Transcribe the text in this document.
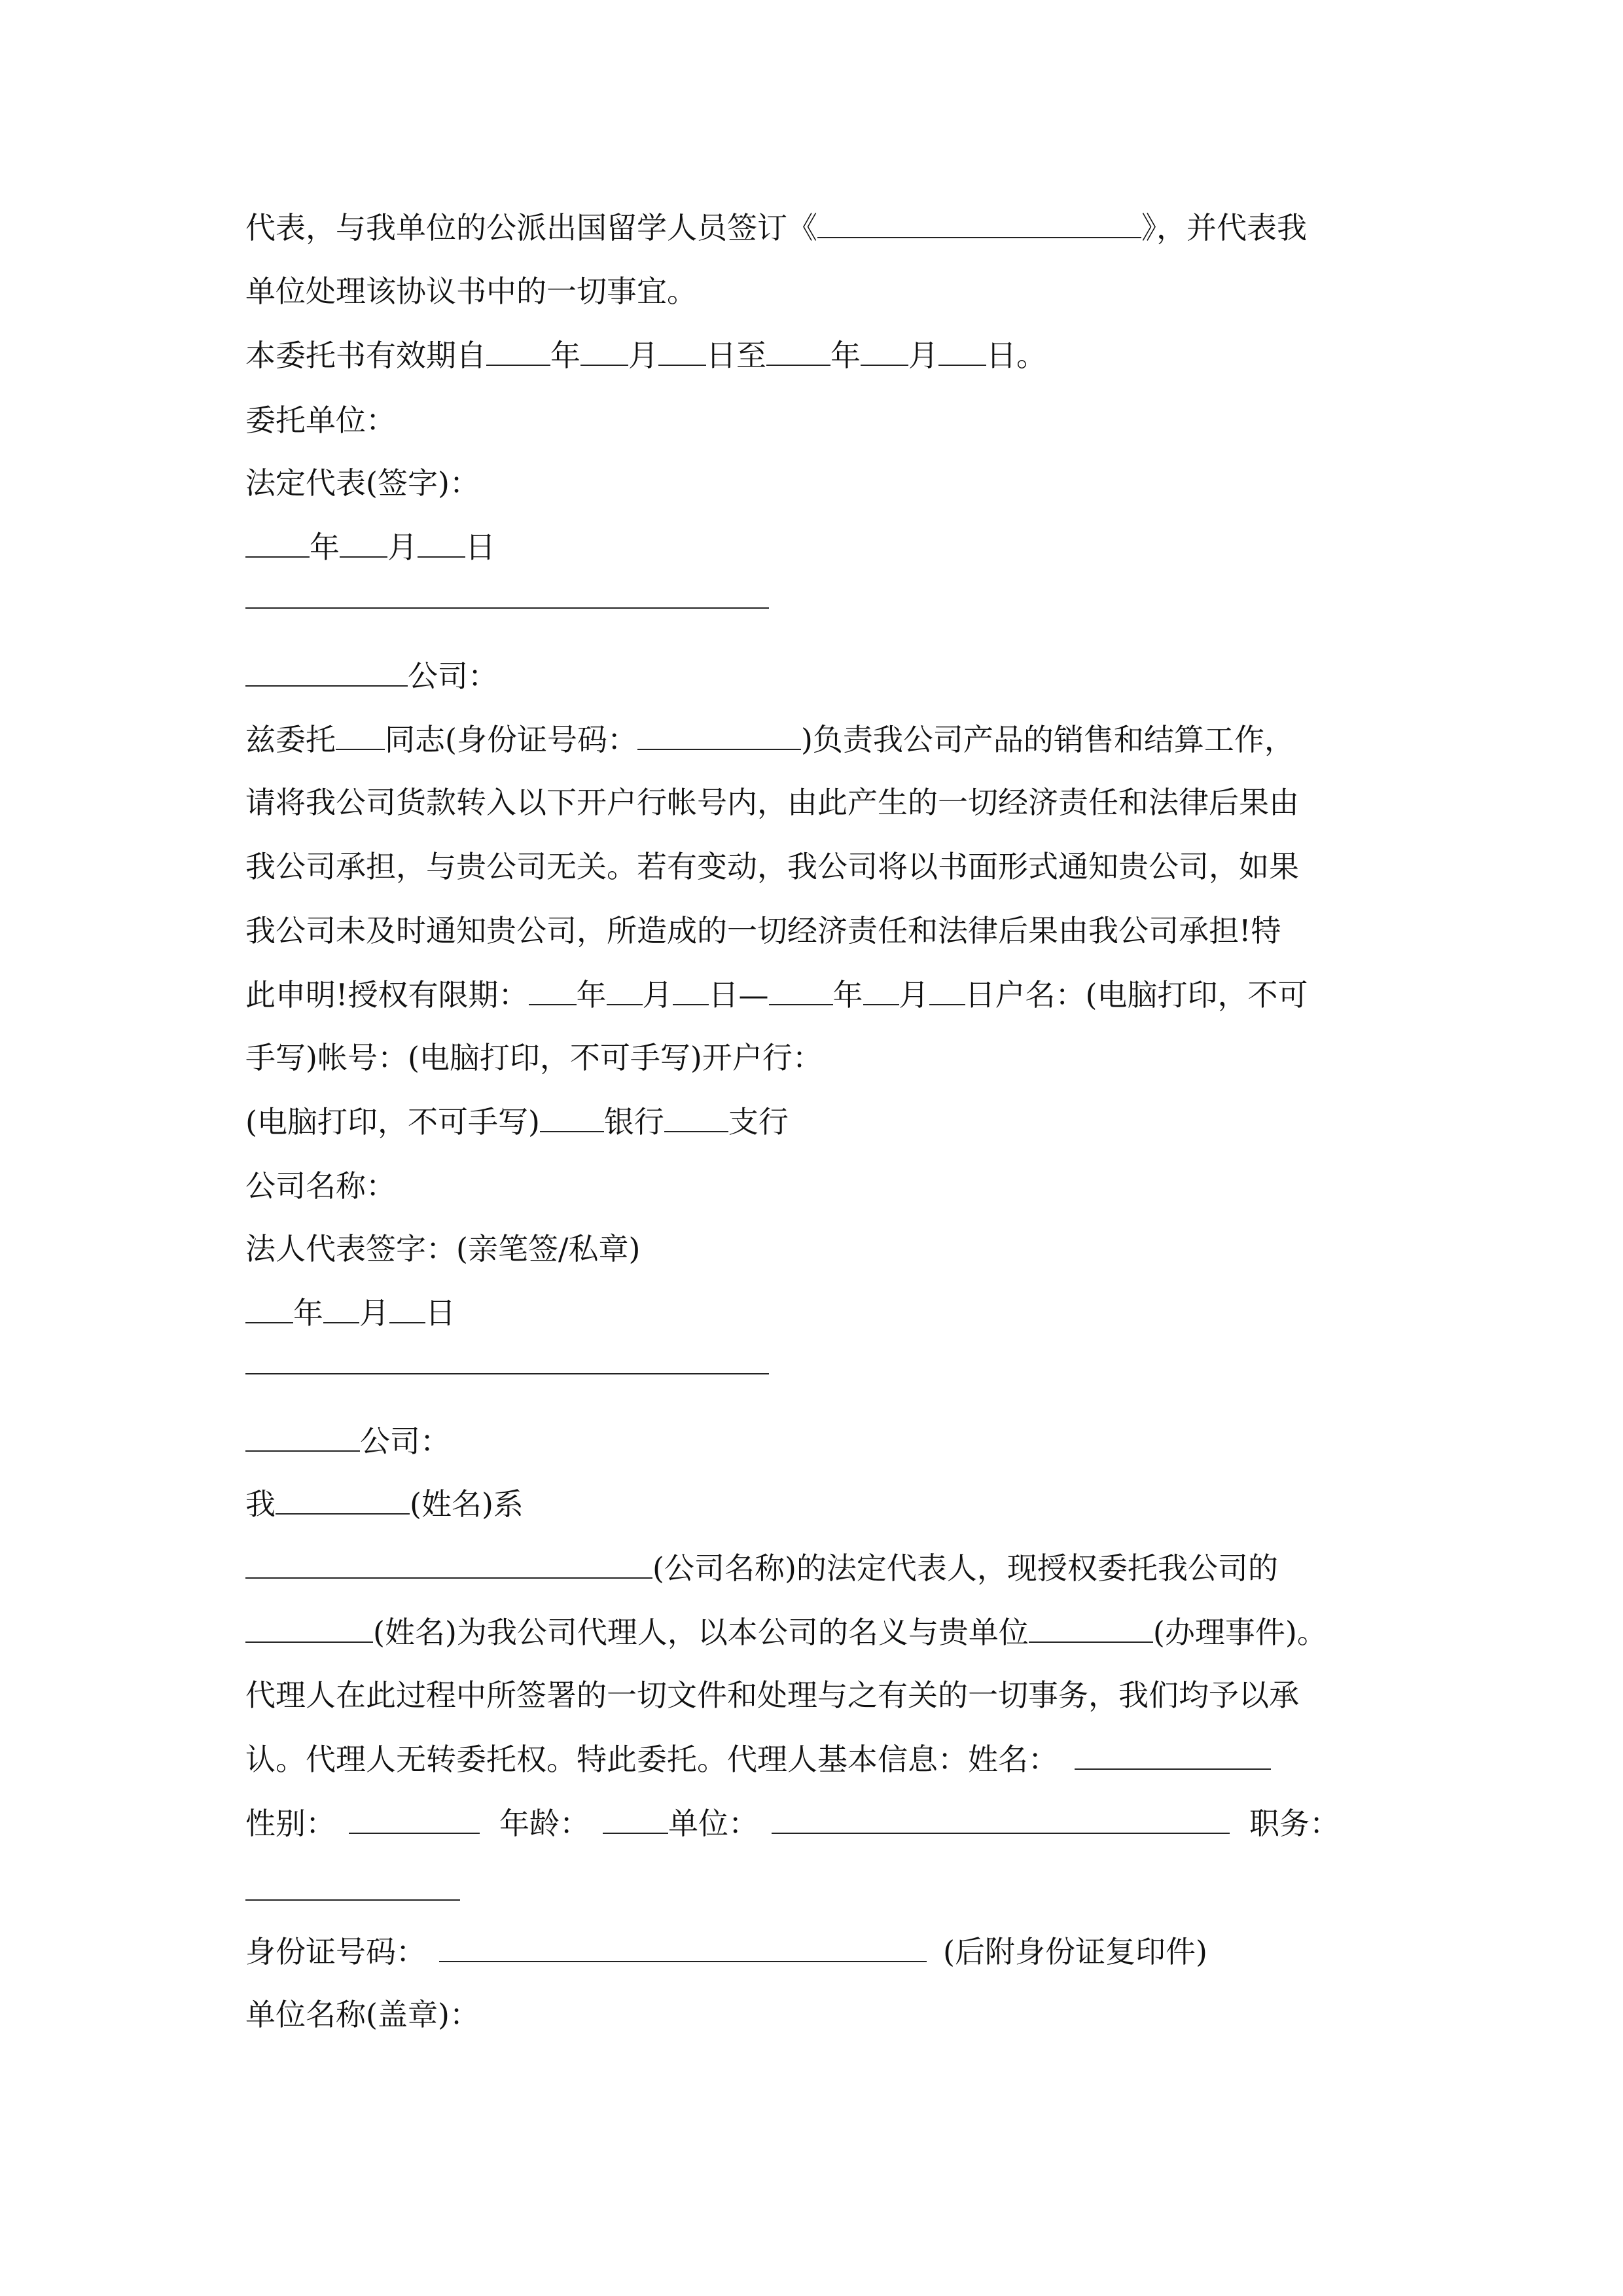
代表，与我单位的公派出国留学人员签订《	》，并代表我

单位处理该协议书中的一切事宜。

本委托书有效期自 年 月 日至 年 月 日。

委托单位：

法定代表(签字)：

年 月 日

公司：

兹委托 同志(身份证号码：	)负责我公司产品的销售和结算工作，

请将我公司货款转入以下开户行帐号内，由此产生的一切经济责任和法律后果由

我公司承担，与贵公司无关。若有变动，我公司将以书面形式通知贵公司，如果

我公司未及时通知贵公司，所造成的一切经济责任和法律后果由我公司承担!特

此申明!授权有限期： 年 月 日— 年 月 日户名：(电脑打印，不可

手写)帐号：(电脑打印，不可手写)开户行：

(电脑打印，不可手写) 银行 支行

公司名称：

法人代表签字：(亲笔签/私章)

年 月 日

公司：

我	(姓名)系

(公司名称)的法定代表人，现授权委托我公司的

(姓名)为我公司代理人，以本公司的名义与贵单位	(办理事件)。

代理人在此过程中所签署的一切文件和处理与之有关的一切事务，我们均予以承

认。代理人无转委托权。特此委托。代理人基本信息：姓名：

性别：	年龄：	单位：	职务：

身份证号码：	(后附身份证复印件)

单位名称(盖章)：
